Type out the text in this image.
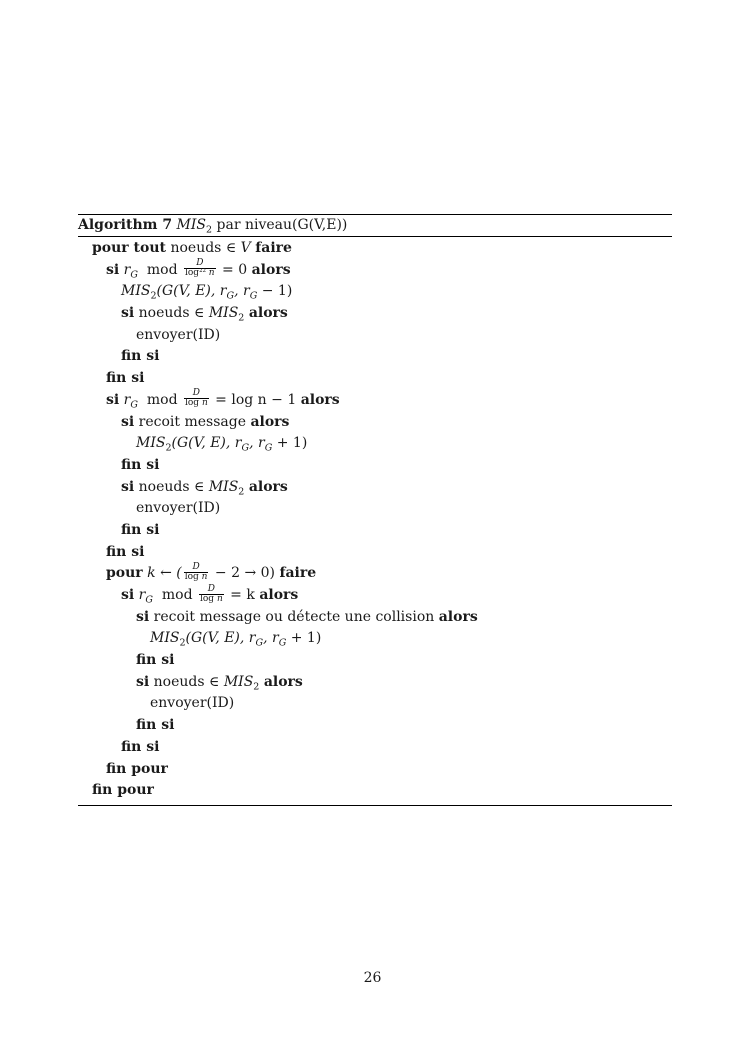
Algorithm 7 $MIS_2$ par niveau(G(V,E))
pour tout noeuds ∈ V faire
si $r_G$ mod $\frac{D}{\log^{22} n} = 0$ alors
$MIS_2(G(V$, E), $r_G$, $r_G - 1$)
si noeuds ∈ $MIS_2$ alors
envoyer(ID)
fin si
fin si
si $r_G$ mod $\frac{D}{\text{log n}} = \log n - 1$ alors
si recoit message alors
$MIS_2(G(V$, E), $r_G$, $r_G + 1$)
fin si
si noeuds ∈ $MIS_2$ alors
envoyer(ID)
fin si
fin si
pour k ← ( $\frac{D}{\text{log n}} - 2 \to 0$) faire
si $r_G$ mod $\frac{D}{\text{log n}} = k$ alors
si recoit message ou détecte une collision alors
$MIS_2(G(V$, E), $r_G$, $r_G + 1$)
fin si
si noeuds ∈ $MIS_2$ alors
envoyer(ID)
fin si
fin si
fin pour
fin pour
26
